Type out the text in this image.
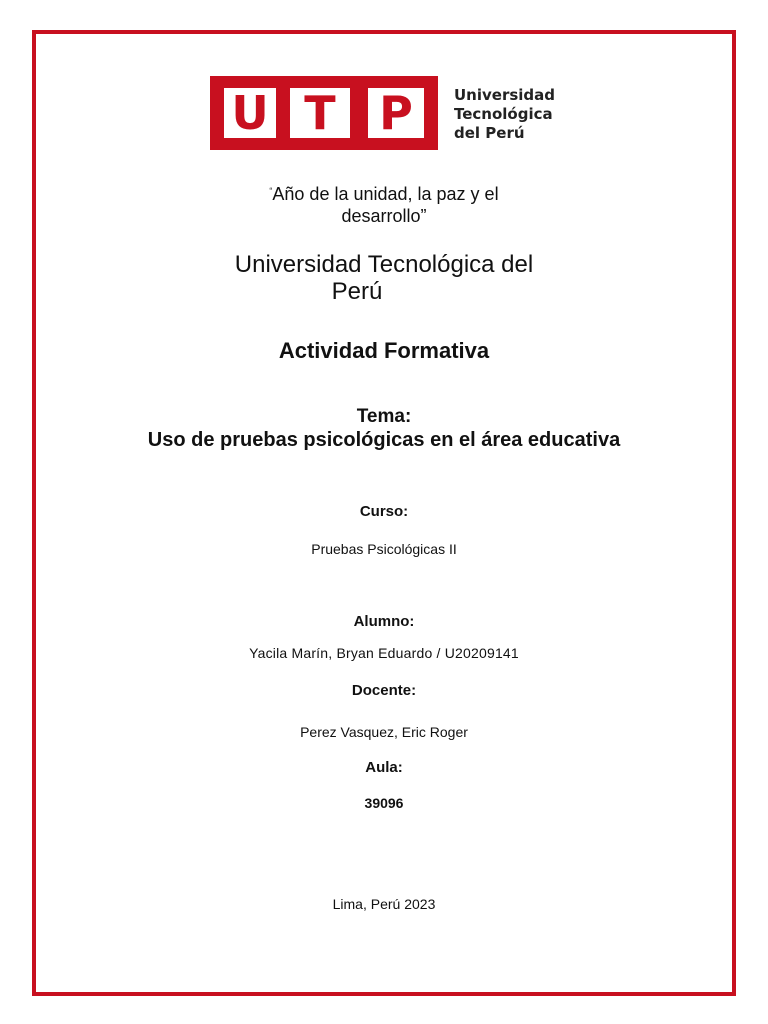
U T P	Universidad
Tecnológica
del Perú
“Año de la unidad, la paz y el
desarrollo”
Universidad Tecnológica del
Perú
Actividad Formativa
Tema:
Uso de pruebas psicológicas en el área educativa
Curso:
Pruebas Psicológicas II
Alumno:
Yacila Marín, Bryan Eduardo / U20209141
Docente:
Perez Vasquez, Eric Roger
Aula:
39096
Lima, Perú 2023
